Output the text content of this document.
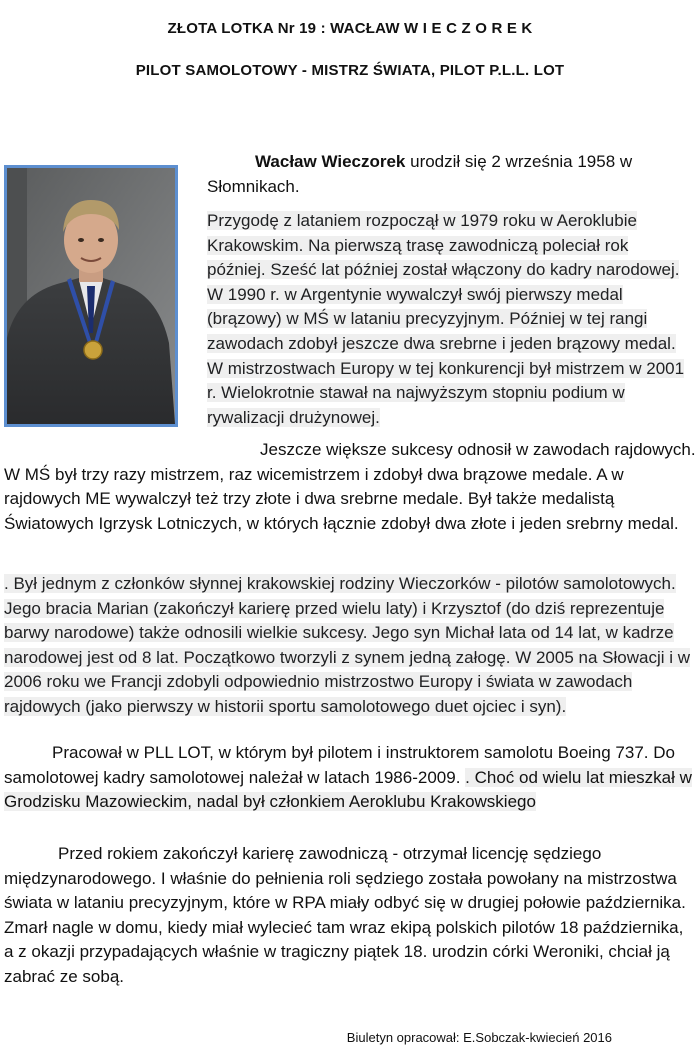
ZŁOTA LOTKA Nr 19 : WACŁAW W I E C Z O R E K
PILOT SAMOLOTOWY - MISTRZ ŚWIATA, PILOT P.L.L. LOT

Wacław Wieczorek urodził się 2 września 1958 w Słomnikach.

Przygodę z lataniem rozpoczął w 1979 roku w Aeroklubie Krakowskim. Na pierwszą trasę zawodniczą poleciał rok później. Sześć lat później został włączony do kadry narodowej. W 1990 r. w Argentynie wywalczył swój pierwszy medal (brązowy) w MŚ w lataniu precyzyjnym. Później w tej rangi zawodach zdobył jeszcze dwa srebrne i jeden brązowy medal. W mistrzostwach Europy w tej konkurencji był mistrzem w 2001 r. Wielokrotnie stawał na najwyższym stopniu podium w rywalizacji drużynowej.

Jeszcze większe sukcesy odnosił w zawodach rajdowych. W MŚ był trzy razy mistrzem, raz wicemistrzem i zdobył dwa brązowe medale. A w rajdowych ME wywalczył też trzy złote i dwa srebrne medale. Był także medalistą Światowych Igrzysk Lotniczych, w których łącznie zdobył dwa złote i jeden srebrny medal.

. Był jednym z członków słynnej krakowskiej rodziny Wieczorków - pilotów samolotowych. Jego bracia Marian (zakończył karierę przed wielu laty) i Krzysztof (do dziś reprezentuje barwy narodowe) także odnosili wielkie sukcesy. Jego syn Michał lata od 14 lat, w kadrze narodowej jest od 8 lat. Początkowo tworzyli z synem jedną załogę. W 2005 na Słowacji i w 2006 roku we Francji zdobyli odpowiednio mistrzostwo Europy i świata w zawodach rajdowych (jako pierwszy w historii sportu samolotowego duet ojciec i syn).

Pracował w PLL LOT, w którym był pilotem i instruktorem samolotu Boeing 737. Do samolotowej kadry samolotowej należał w latach 1986-2009. . Choć od wielu lat mieszkał w Grodzisku Mazowieckim, nadal był członkiem Aeroklubu Krakowskiego

Przed rokiem zakończył karierę zawodniczą - otrzymał licencję sędziego międzynarodowego. I właśnie do pełnienia roli sędziego została powołany na mistrzostwa świata w lataniu precyzyjnym, które w RPA miały odbyć się w drugiej połowie października. Zmarł nagle w domu, kiedy miał wylecieć tam wraz ekipą polskich pilotów 18 października, a z okazji przypadających właśnie w tragiczny piątek 18. urodzin córki Weroniki, chciał ją zabrać ze sobą.

Biuletyn opracował: E.Sobczak-kwiecień 2016
